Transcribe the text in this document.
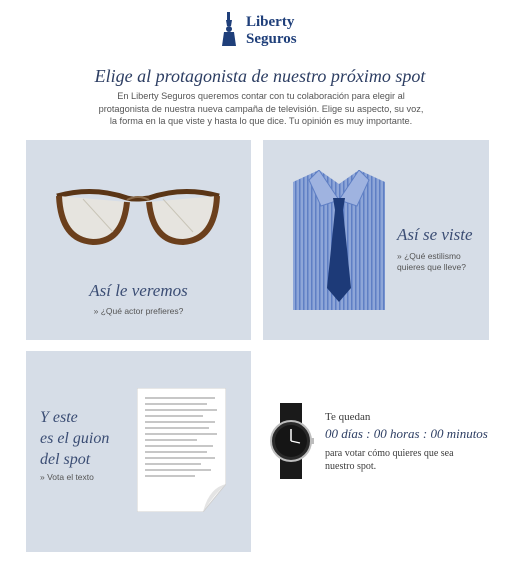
Liberty
Seguros
Elige al protagonista de nuestro próximo spot
En Liberty Seguros queremos contar con tu colaboración para elegir al protagonista de nuestra nueva campaña de televisión. Elige su aspecto, su voz, la forma en la que viste y hasta lo que dice. Tu opinión es muy importante.
Así le veremos
» ¿Qué actor prefieres?
Así se viste
» ¿Qué estilismo quieres que lleve?
Y este
es el guion
del spot
» Vota el texto
Te quedan
00 días : 00 horas : 00 minutos
para votar cómo quieres que sea nuestro spot.
